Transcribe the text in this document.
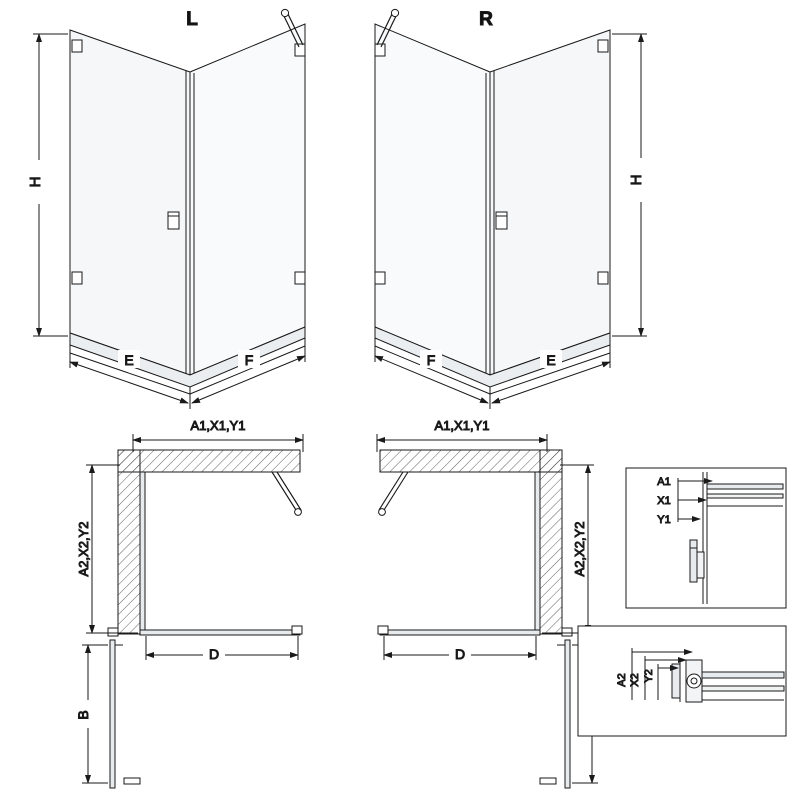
H
E	F
L
H
E
F
R
A1,X1,Y1
A2,X2,Y2
D
B
A1,X1,Y1
A2,X2,Y2
D
A1
X1
Y1
A2 X2 Y2
